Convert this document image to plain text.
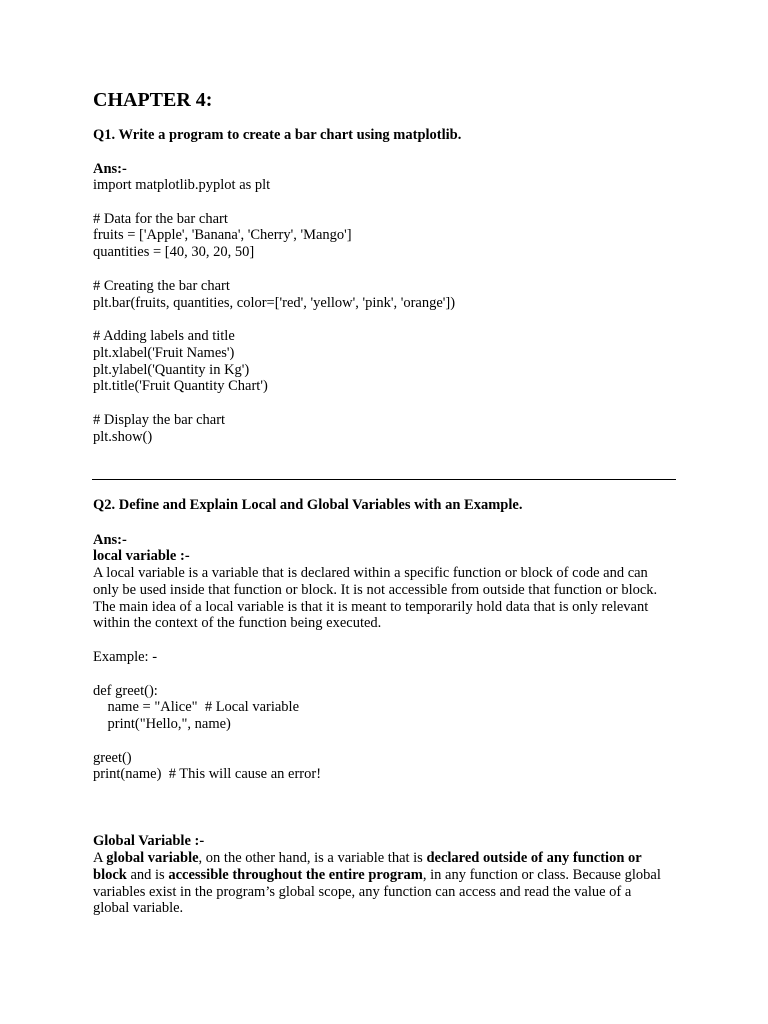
CHAPTER 4:
Q1. Write a program to create a bar chart using matplotlib.
Ans:-
import matplotlib.pyplot as plt
# Data for the bar chart
fruits = ['Apple', 'Banana', 'Cherry', 'Mango']
quantities = [40, 30, 20, 50]
# Creating the bar chart
plt.bar(fruits, quantities, color=['red', 'yellow', 'pink', 'orange'])
# Adding labels and title
plt.xlabel('Fruit Names')
plt.ylabel('Quantity in Kg')
plt.title('Fruit Quantity Chart')
# Display the bar chart
plt.show()
Q2. Define and Explain Local and Global Variables with an Example.
Ans:-
local variable :-

A local variable is a variable that is declared within a specific function or block of code and can only be used inside that function or block. It is not accessible from outside that function or block. The main idea of a local variable is that it is meant to temporarily hold data that is only relevant within the context of the function being executed.

Example: -
def greet():
name = "Alice"  # Local variable
print("Hello,", name)
greet()
print(name)  # This will cause an error!
Global Variable :-

A global variable, on the other hand, is a variable that is declared outside of any function or block and is accessible throughout the entire program, in any function or class. Because global variables exist in the program’s global scope, any function can access and read the value of a global variable.
